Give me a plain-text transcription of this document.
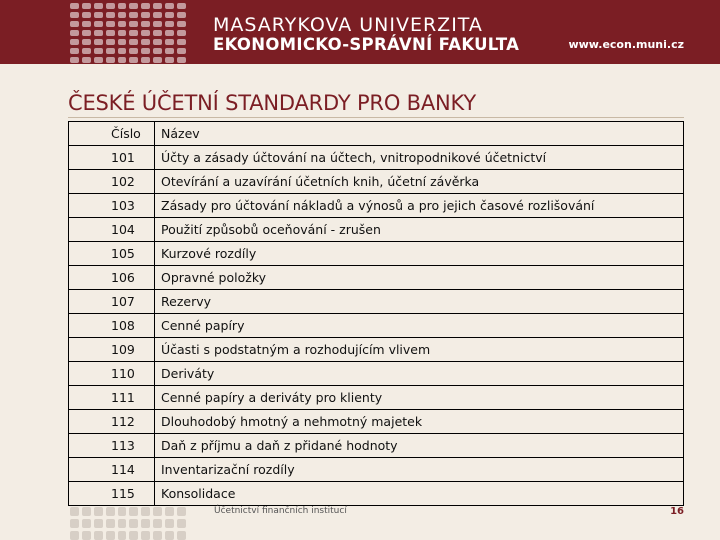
MASARYKOVA UNIVERZITA
EKONOMICKO-SPRÁVNÍ FAKULTA	www.econ.muni.cz
ČESKÉ ÚČETNÍ STANDARDY PRO BANKY
Číslo	Název
101	Účty a zásady účtování na účtech, vnitropodnikové účetnictví
102	Otevírání a uzavírání účetních knih, účetní závěrka
103	Zásady pro účtování nákladů a výnosů a pro jejich časové rozlišování
104	Použití způsobů oceňování - zrušen
105	Kurzové rozdíly
106	Opravné položky
107	Rezervy
108	Cenné papíry
109	Účasti s podstatným a rozhodujícím vlivem
110	Deriváty
111	Cenné papíry a deriváty pro klienty
112	Dlouhodobý hmotný a nehmotný majetek
113	Daň z příjmu a daň z přidané hodnoty
114	Inventarizační rozdíly
115	Konsolidace
Účetnictví finančních institucí	16
